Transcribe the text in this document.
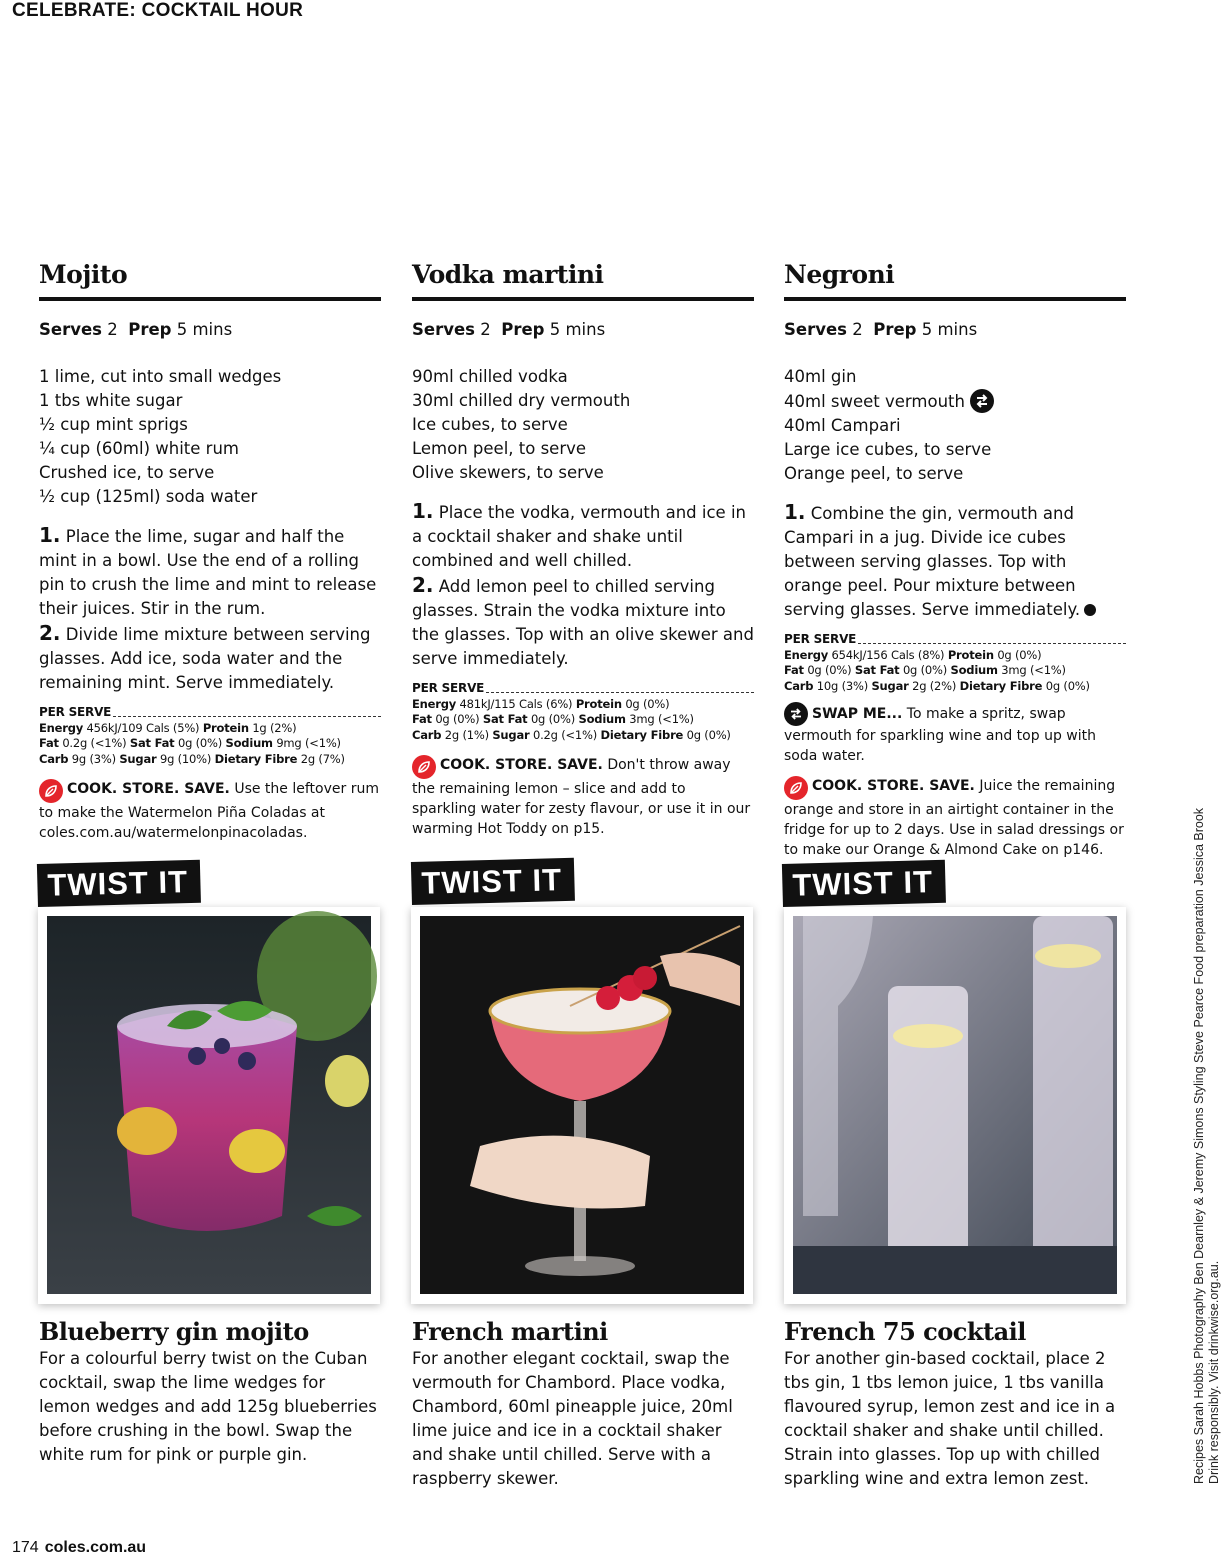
CELEBRATE: COCKTAIL HOUR
Mojito
Serves 2 Prep 5 mins
1 lime, cut into small wedges
1 tbs white sugar
½ cup mint sprigs
¼ cup (60ml) white rum
Crushed ice, to serve
½ cup (125ml) soda water
1. Place the lime, sugar and half the mint in a bowl. Use the end of a rolling pin to crush the lime and mint to release their juices. Stir in the rum.
2. Divide lime mixture between serving glasses. Add ice, soda water and the remaining mint. Serve immediately.
PER SERVE
Energy 456kJ/109 Cals (5%) Protein 1g (2%)
Fat 0.2g (<1%) Sat Fat 0g (0%) Sodium 9mg (<1%)
Carb 9g (3%) Sugar 9g (10%) Dietary Fibre 2g (7%)

COOK. STORE. SAVE. Use the leftover rum to make the Watermelon Piña Coladas at coles.com.au/watermelonpinacoladas.

Vodka martini
Serves 2 Prep 5 mins
90ml chilled vodka
30ml chilled dry vermouth
Ice cubes, to serve
Lemon peel, to serve
Olive skewers, to serve
1. Place the vodka, vermouth and ice in a cocktail shaker and shake until combined and well chilled.
2. Add lemon peel to chilled serving glasses. Strain the vodka mixture into the glasses. Top with an olive skewer and serve immediately.
PER SERVE
Energy 481kJ/115 Cals (6%) Protein 0g (0%)
Fat 0g (0%) Sat Fat 0g (0%) Sodium 3mg (<1%)
Carb 2g (1%) Sugar 0.2g (<1%) Dietary Fibre 0g (0%)

COOK. STORE. SAVE. Don't throw away the remaining lemon – slice and add to sparkling water for zesty flavour, or use it in our warming Hot Toddy on p15.

Negroni
Serves 2 Prep 5 mins
40ml gin
40ml sweet vermouth
40ml Campari
Large ice cubes, to serve
Orange peel, to serve
1. Combine the gin, vermouth and Campari in a jug. Divide ice cubes between serving glasses. Top with orange peel. Pour mixture between serving glasses. Serve immediately.
PER SERVE
Energy 654kJ/156 Cals (8%) Protein 0g (0%)
Fat 0g (0%) Sat Fat 0g (0%) Sodium 3mg (<1%)
Carb 10g (3%) Sugar 2g (2%) Dietary Fibre 0g (0%)

SWAP ME... To make a spritz, swap vermouth for sparkling wine and top up with soda water.

COOK. STORE. SAVE. Juice the remaining orange and store in an airtight container in the fridge for up to 2 days. Use in salad dressings or to make our Orange & Almond Cake on p146.

TWIST IT	TWIST IT	TWIST IT
Blueberry gin mojito

For a colourful berry twist on the Cuban cocktail, swap the lime wedges for lemon wedges and add 125g blueberries before crushing in the bowl. Swap the white rum for pink or purple gin.

French martini

For another elegant cocktail, swap the vermouth for Chambord. Place vodka, Chambord, 60ml pineapple juice, 20ml lime juice and ice in a cocktail shaker and shake until chilled. Serve with a raspberry skewer.

French 75 cocktail

For another gin-based cocktail, place 2 tbs gin, 1 tbs lemon juice, 1 tbs vanilla flavoured syrup, lemon zest and ice in a cocktail shaker and shake until chilled. Strain into glasses. Top up with chilled sparkling wine and extra lemon zest.	Recipes Sarah Hobbs Photography Ben Dearnley & Jeremy Simons Styling Steve Pearce Food preparation Jessica Brook Drink responsibly. Visit drinkwise.org.au.
174 coles.com.au
